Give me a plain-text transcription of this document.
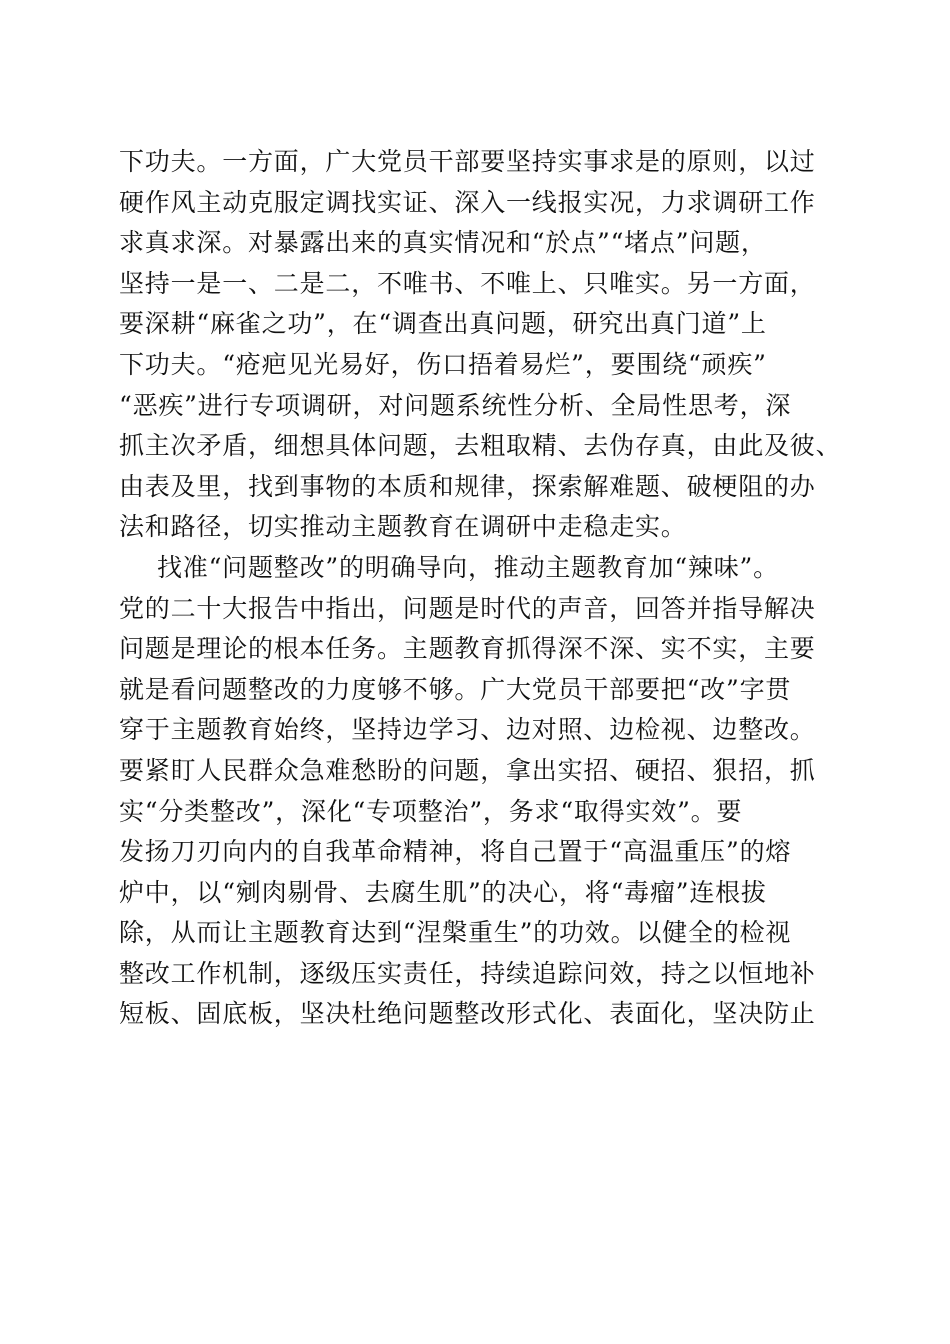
下功夫。一方面，广大党员干部要坚持实事求是的原则，以过
硬作风主动克服定调找实证、深入一线报实况，力求调研工作
求真求深。对暴露出来的真实情况和“於点”“堵点”问题，
坚持一是一、二是二，不唯书、不唯上、只唯实。另一方面，
要深耕“麻雀之功”，在“调查出真问题，研究出真门道”上
下功夫。“疮疤见光易好，伤口捂着易烂”，要围绕“顽疾”
“恶疾”进行专项调研，对问题系统性分析、全局性思考，深
抓主次矛盾，细想具体问题，去粗取精、去伪存真，由此及彼、
由表及里，找到事物的本质和规律，探索解难题、破梗阻的办
法和路径，切实推动主题教育在调研中走稳走实。
找准“问题整改”的明确导向，推动主题教育加“辣味”。
党的二十大报告中指出，问题是时代的声音，回答并指导解决
问题是理论的根本任务。主题教育抓得深不深、实不实，主要
就是看问题整改的力度够不够。广大党员干部要把“改”字贯
穿于主题教育始终，坚持边学习、边对照、边检视、边整改。
要紧盯人民群众急难愁盼的问题，拿出实招、硬招、狠招，抓
实“分类整改”，深化“专项整治”，务求“取得实效”。要
发扬刀刃向内的自我革命精神，将自己置于“高温重压”的熔
炉中，以“剜肉剔骨、去腐生肌”的决心，将“毒瘤”连根拔
除，从而让主题教育达到“涅槃重生”的功效。以健全的检视
整改工作机制，逐级压实责任，持续追踪问效，持之以恒地补
短板、固底板，坚决杜绝问题整改形式化、表面化，坚决防止
